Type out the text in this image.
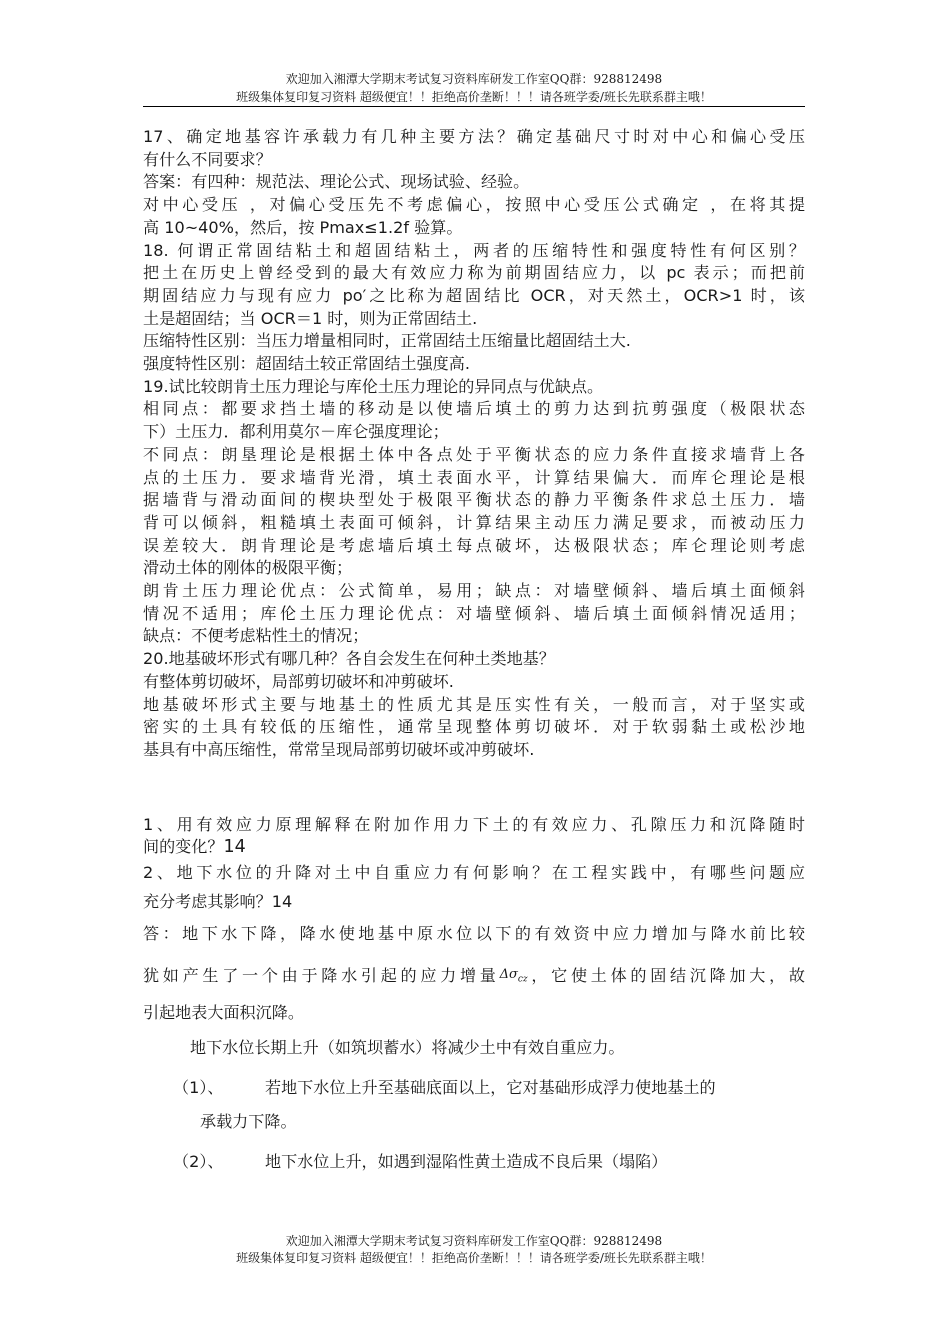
欢迎加入湘潭大学期末考试复习资料库研发工作室QQ群：928812498
班级集体复印复习资料 超级便宜！！拒绝高价垄断！！！请各班学委/班长先联系群主哦！
17、确定地基容许承载力有几种主要方法？确定基础尺寸时对中心和偏心受压
有什么不同要求？
答案：有四种：规范法、理论公式、现场试验、经验。
对中心受压 ，对偏心受压先不考虑偏心，按照中心受压公式确定 ，在将其提
高 10~40%，然后，按 Pmax≤1.2f 验算。
18. 何谓正常固结粘土和超固结粘土，两者的压缩特性和强度特性有何区别？
把土在历史上曾经受到的最大有效应力称为前期固结应力，以 pc 表示；而把前
期固结应力与现有应力 po′之比称为超固结比 OCR，对天然土，OCR>1 时，该
土是超固结；当 OCR＝1 时，则为正常固结土.
压缩特性区别：当压力增量相同时，正常固结土压缩量比超固结土大.
强度特性区别：超固结土较正常固结土强度高.
19.试比较朗肯土压力理论与库伦土压力理论的异同点与优缺点。
相同点：都要求挡土墙的移动是以使墙后填土的剪力达到抗剪强度（极限状态
下）土压力．都利用莫尔－库仑强度理论；
不同点：朗垦理论是根据土体中各点处于平衡状态的应力条件直接求墙背上各
点的土压力．要求墙背光滑，填土表面水平，计算结果偏大．而库仑理论是根
据墙背与滑动面间的楔块型处于极限平衡状态的静力平衡条件求总土压力．墙
背可以倾斜，粗糙填土表面可倾斜，计算结果主动压力满足要求，而被动压力
误差较大．朗肯理论是考虑墙后填土每点破坏，达极限状态；库仑理论则考虑
滑动土体的刚体的极限平衡；
朗肯土压力理论优点：公式简单，易用；缺点：对墙壁倾斜、墙后填土面倾斜
情况不适用；库伦土压力理论优点：对墙壁倾斜、墙后填土面倾斜情况适用；
缺点：不便考虑粘性土的情况；
20.地基破坏形式有哪几种？各自会发生在何种土类地基？
有整体剪切破坏，局部剪切破坏和冲剪破坏.
地基破坏形式主要与地基土的性质尤其是压实性有关，一般而言，对于坚实或
密实的土具有较低的压缩性，通常呈现整体剪切破坏．对于软弱黏土或松沙地
基具有中高压缩性，常常呈现局部剪切破坏或冲剪破坏.
1、用有效应力原理解释在附加作用力下土的有效应力、孔隙压力和沉降随时
间的变化？14
2、地下水位的升降对土中自重应力有何影响？在工程实践中，有哪些问题应
充分考虑其影响？14
答：地下水下降，降水使地基中原水位以下的有效资中应力增加与降水前比较
犹如产生了一个由于降水引起的应力增量$\Delta\sigma_{cz}$，它使土体的固结沉降加大，故
引起地表大面积沉降。
地下水位长期上升（如筑坝蓄水）将减少土中有效自重应力。
（1）、	若地下水位上升至基础底面以上，它对基础形成浮力使地基土的
承载力下降。
（2）、	地下水位上升，如遇到湿陷性黄土造成不良后果（塌陷）
欢迎加入湘潭大学期末考试复习资料库研发工作室QQ群：928812498
班级集体复印复习资料 超级便宜！！拒绝高价垄断！！！请各班学委/班长先联系群主哦！
